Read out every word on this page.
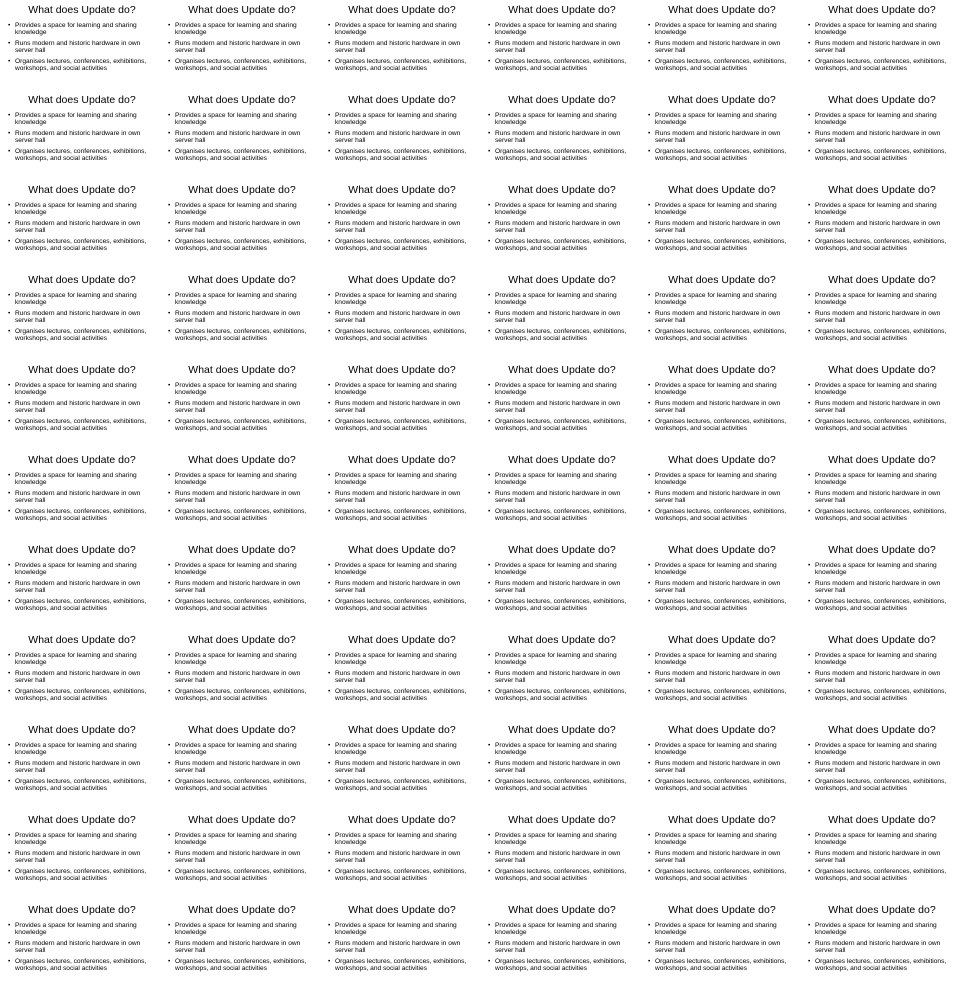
What does Update do?
• Provides a space for learning and sharing knowledge
• Runs modern and historic hardware in own server hall
• Organises lectures, conferences, exhibitions, workshops, and social activities
What does Update do?
• Provides a space for learning and sharing knowledge
• Runs modern and historic hardware in own server hall
• Organises lectures, conferences, exhibitions, workshops, and social activities
What does Update do?
• Provides a space for learning and sharing knowledge
• Runs modern and historic hardware in own server hall
• Organises lectures, conferences, exhibitions, workshops, and social activities
What does Update do?
• Provides a space for learning and sharing knowledge
• Runs modern and historic hardware in own server hall
• Organises lectures, conferences, exhibitions, workshops, and social activities
What does Update do?
• Provides a space for learning and sharing knowledge
• Runs modern and historic hardware in own server hall
• Organises lectures, conferences, exhibitions, workshops, and social activities
What does Update do?
• Provides a space for learning and sharing knowledge
• Runs modern and historic hardware in own server hall
• Organises lectures, conferences, exhibitions, workshops, and social activities
What does Update do?
• Provides a space for learning and sharing knowledge
• Runs modern and historic hardware in own server hall
• Organises lectures, conferences, exhibitions, workshops, and social activities
What does Update do?
• Provides a space for learning and sharing knowledge
• Runs modern and historic hardware in own server hall
• Organises lectures, conferences, exhibitions, workshops, and social activities
What does Update do?
• Provides a space for learning and sharing knowledge
• Runs modern and historic hardware in own server hall
• Organises lectures, conferences, exhibitions, workshops, and social activities
What does Update do?
• Provides a space for learning and sharing knowledge
• Runs modern and historic hardware in own server hall
• Organises lectures, conferences, exhibitions, workshops, and social activities
What does Update do?
• Provides a space for learning and sharing knowledge
• Runs modern and historic hardware in own server hall
• Organises lectures, conferences, exhibitions, workshops, and social activities
What does Update do?
• Provides a space for learning and sharing knowledge
• Runs modern and historic hardware in own server hall
• Organises lectures, conferences, exhibitions, workshops, and social activities
What does Update do?
• Provides a space for learning and sharing knowledge
• Runs modern and historic hardware in own server hall
• Organises lectures, conferences, exhibitions, workshops, and social activities
What does Update do?
• Provides a space for learning and sharing knowledge
• Runs modern and historic hardware in own server hall
• Organises lectures, conferences, exhibitions, workshops, and social activities
What does Update do?
• Provides a space for learning and sharing knowledge
• Runs modern and historic hardware in own server hall
• Organises lectures, conferences, exhibitions, workshops, and social activities
What does Update do?
• Provides a space for learning and sharing knowledge
• Runs modern and historic hardware in own server hall
• Organises lectures, conferences, exhibitions, workshops, and social activities
What does Update do?
• Provides a space for learning and sharing knowledge
• Runs modern and historic hardware in own server hall
• Organises lectures, conferences, exhibitions, workshops, and social activities
What does Update do?
• Provides a space for learning and sharing knowledge
• Runs modern and historic hardware in own server hall
• Organises lectures, conferences, exhibitions, workshops, and social activities
What does Update do?
• Provides a space for learning and sharing knowledge
• Runs modern and historic hardware in own server hall
• Organises lectures, conferences, exhibitions, workshops, and social activities
What does Update do?
• Provides a space for learning and sharing knowledge
• Runs modern and historic hardware in own server hall
• Organises lectures, conferences, exhibitions, workshops, and social activities
What does Update do?
• Provides a space for learning and sharing knowledge
• Runs modern and historic hardware in own server hall
• Organises lectures, conferences, exhibitions, workshops, and social activities
What does Update do?
• Provides a space for learning and sharing knowledge
• Runs modern and historic hardware in own server hall
• Organises lectures, conferences, exhibitions, workshops, and social activities
What does Update do?
• Provides a space for learning and sharing knowledge
• Runs modern and historic hardware in own server hall
• Organises lectures, conferences, exhibitions, workshops, and social activities
What does Update do?
• Provides a space for learning and sharing knowledge
• Runs modern and historic hardware in own server hall
• Organises lectures, conferences, exhibitions, workshops, and social activities
What does Update do?
• Provides a space for learning and sharing knowledge
• Runs modern and historic hardware in own server hall
• Organises lectures, conferences, exhibitions, workshops, and social activities
What does Update do?
• Provides a space for learning and sharing knowledge
• Runs modern and historic hardware in own server hall
• Organises lectures, conferences, exhibitions, workshops, and social activities
What does Update do?
• Provides a space for learning and sharing knowledge
• Runs modern and historic hardware in own server hall
• Organises lectures, conferences, exhibitions, workshops, and social activities
What does Update do?
• Provides a space for learning and sharing knowledge
• Runs modern and historic hardware in own server hall
• Organises lectures, conferences, exhibitions, workshops, and social activities
What does Update do?
• Provides a space for learning and sharing knowledge
• Runs modern and historic hardware in own server hall
• Organises lectures, conferences, exhibitions, workshops, and social activities
What does Update do?
• Provides a space for learning and sharing knowledge
• Runs modern and historic hardware in own server hall
• Organises lectures, conferences, exhibitions, workshops, and social activities
What does Update do?
• Provides a space for learning and sharing knowledge
• Runs modern and historic hardware in own server hall
• Organises lectures, conferences, exhibitions, workshops, and social activities
What does Update do?
• Provides a space for learning and sharing knowledge
• Runs modern and historic hardware in own server hall
• Organises lectures, conferences, exhibitions, workshops, and social activities
What does Update do?
• Provides a space for learning and sharing knowledge
• Runs modern and historic hardware in own server hall
• Organises lectures, conferences, exhibitions, workshops, and social activities
What does Update do?
• Provides a space for learning and sharing knowledge
• Runs modern and historic hardware in own server hall
• Organises lectures, conferences, exhibitions, workshops, and social activities
What does Update do?
• Provides a space for learning and sharing knowledge
• Runs modern and historic hardware in own server hall
• Organises lectures, conferences, exhibitions, workshops, and social activities
What does Update do?
• Provides a space for learning and sharing knowledge
• Runs modern and historic hardware in own server hall
• Organises lectures, conferences, exhibitions, workshops, and social activities
What does Update do?
• Provides a space for learning and sharing knowledge
• Runs modern and historic hardware in own server hall
• Organises lectures, conferences, exhibitions, workshops, and social activities
What does Update do?
• Provides a space for learning and sharing knowledge
• Runs modern and historic hardware in own server hall
• Organises lectures, conferences, exhibitions, workshops, and social activities
What does Update do?
• Provides a space for learning and sharing knowledge
• Runs modern and historic hardware in own server hall
• Organises lectures, conferences, exhibitions, workshops, and social activities
What does Update do?
• Provides a space for learning and sharing knowledge
• Runs modern and historic hardware in own server hall
• Organises lectures, conferences, exhibitions, workshops, and social activities
What does Update do?
• Provides a space for learning and sharing knowledge
• Runs modern and historic hardware in own server hall
• Organises lectures, conferences, exhibitions, workshops, and social activities
What does Update do?
• Provides a space for learning and sharing knowledge
• Runs modern and historic hardware in own server hall
• Organises lectures, conferences, exhibitions, workshops, and social activities
What does Update do?
• Provides a space for learning and sharing knowledge
• Runs modern and historic hardware in own server hall
• Organises lectures, conferences, exhibitions, workshops, and social activities
What does Update do?
• Provides a space for learning and sharing knowledge
• Runs modern and historic hardware in own server hall
• Organises lectures, conferences, exhibitions, workshops, and social activities
What does Update do?
• Provides a space for learning and sharing knowledge
• Runs modern and historic hardware in own server hall
• Organises lectures, conferences, exhibitions, workshops, and social activities
What does Update do?
• Provides a space for learning and sharing knowledge
• Runs modern and historic hardware in own server hall
• Organises lectures, conferences, exhibitions, workshops, and social activities
What does Update do?
• Provides a space for learning and sharing knowledge
• Runs modern and historic hardware in own server hall
• Organises lectures, conferences, exhibitions, workshops, and social activities
What does Update do?
• Provides a space for learning and sharing knowledge
• Runs modern and historic hardware in own server hall
• Organises lectures, conferences, exhibitions, workshops, and social activities
What does Update do?
• Provides a space for learning and sharing knowledge
• Runs modern and historic hardware in own server hall
• Organises lectures, conferences, exhibitions, workshops, and social activities
What does Update do?
• Provides a space for learning and sharing knowledge
• Runs modern and historic hardware in own server hall
• Organises lectures, conferences, exhibitions, workshops, and social activities
What does Update do?
• Provides a space for learning and sharing knowledge
• Runs modern and historic hardware in own server hall
• Organises lectures, conferences, exhibitions, workshops, and social activities
What does Update do?
• Provides a space for learning and sharing knowledge
• Runs modern and historic hardware in own server hall
• Organises lectures, conferences, exhibitions, workshops, and social activities
What does Update do?
• Provides a space for learning and sharing knowledge
• Runs modern and historic hardware in own server hall
• Organises lectures, conferences, exhibitions, workshops, and social activities
What does Update do?
• Provides a space for learning and sharing knowledge
• Runs modern and historic hardware in own server hall
• Organises lectures, conferences, exhibitions, workshops, and social activities
What does Update do?
• Provides a space for learning and sharing knowledge
• Runs modern and historic hardware in own server hall
• Organises lectures, conferences, exhibitions, workshops, and social activities
What does Update do?
• Provides a space for learning and sharing knowledge
• Runs modern and historic hardware in own server hall
• Organises lectures, conferences, exhibitions, workshops, and social activities
What does Update do?
• Provides a space for learning and sharing knowledge
• Runs modern and historic hardware in own server hall
• Organises lectures, conferences, exhibitions, workshops, and social activities
What does Update do?
• Provides a space for learning and sharing knowledge
• Runs modern and historic hardware in own server hall
• Organises lectures, conferences, exhibitions, workshops, and social activities
What does Update do?
• Provides a space for learning and sharing knowledge
• Runs modern and historic hardware in own server hall
• Organises lectures, conferences, exhibitions, workshops, and social activities
What does Update do?
• Provides a space for learning and sharing knowledge
• Runs modern and historic hardware in own server hall
• Organises lectures, conferences, exhibitions, workshops, and social activities
What does Update do?
• Provides a space for learning and sharing knowledge
• Runs modern and historic hardware in own server hall
• Organises lectures, conferences, exhibitions, workshops, and social activities
What does Update do?
• Provides a space for learning and sharing knowledge
• Runs modern and historic hardware in own server hall
• Organises lectures, conferences, exhibitions, workshops, and social activities
What does Update do?
• Provides a space for learning and sharing knowledge
• Runs modern and historic hardware in own server hall
• Organises lectures, conferences, exhibitions, workshops, and social activities
What does Update do?
• Provides a space for learning and sharing knowledge
• Runs modern and historic hardware in own server hall
• Organises lectures, conferences, exhibitions, workshops, and social activities
What does Update do?
• Provides a space for learning and sharing knowledge
• Runs modern and historic hardware in own server hall
• Organises lectures, conferences, exhibitions, workshops, and social activities
What does Update do?
• Provides a space for learning and sharing knowledge
• Runs modern and historic hardware in own server hall
• Organises lectures, conferences, exhibitions, workshops, and social activities
